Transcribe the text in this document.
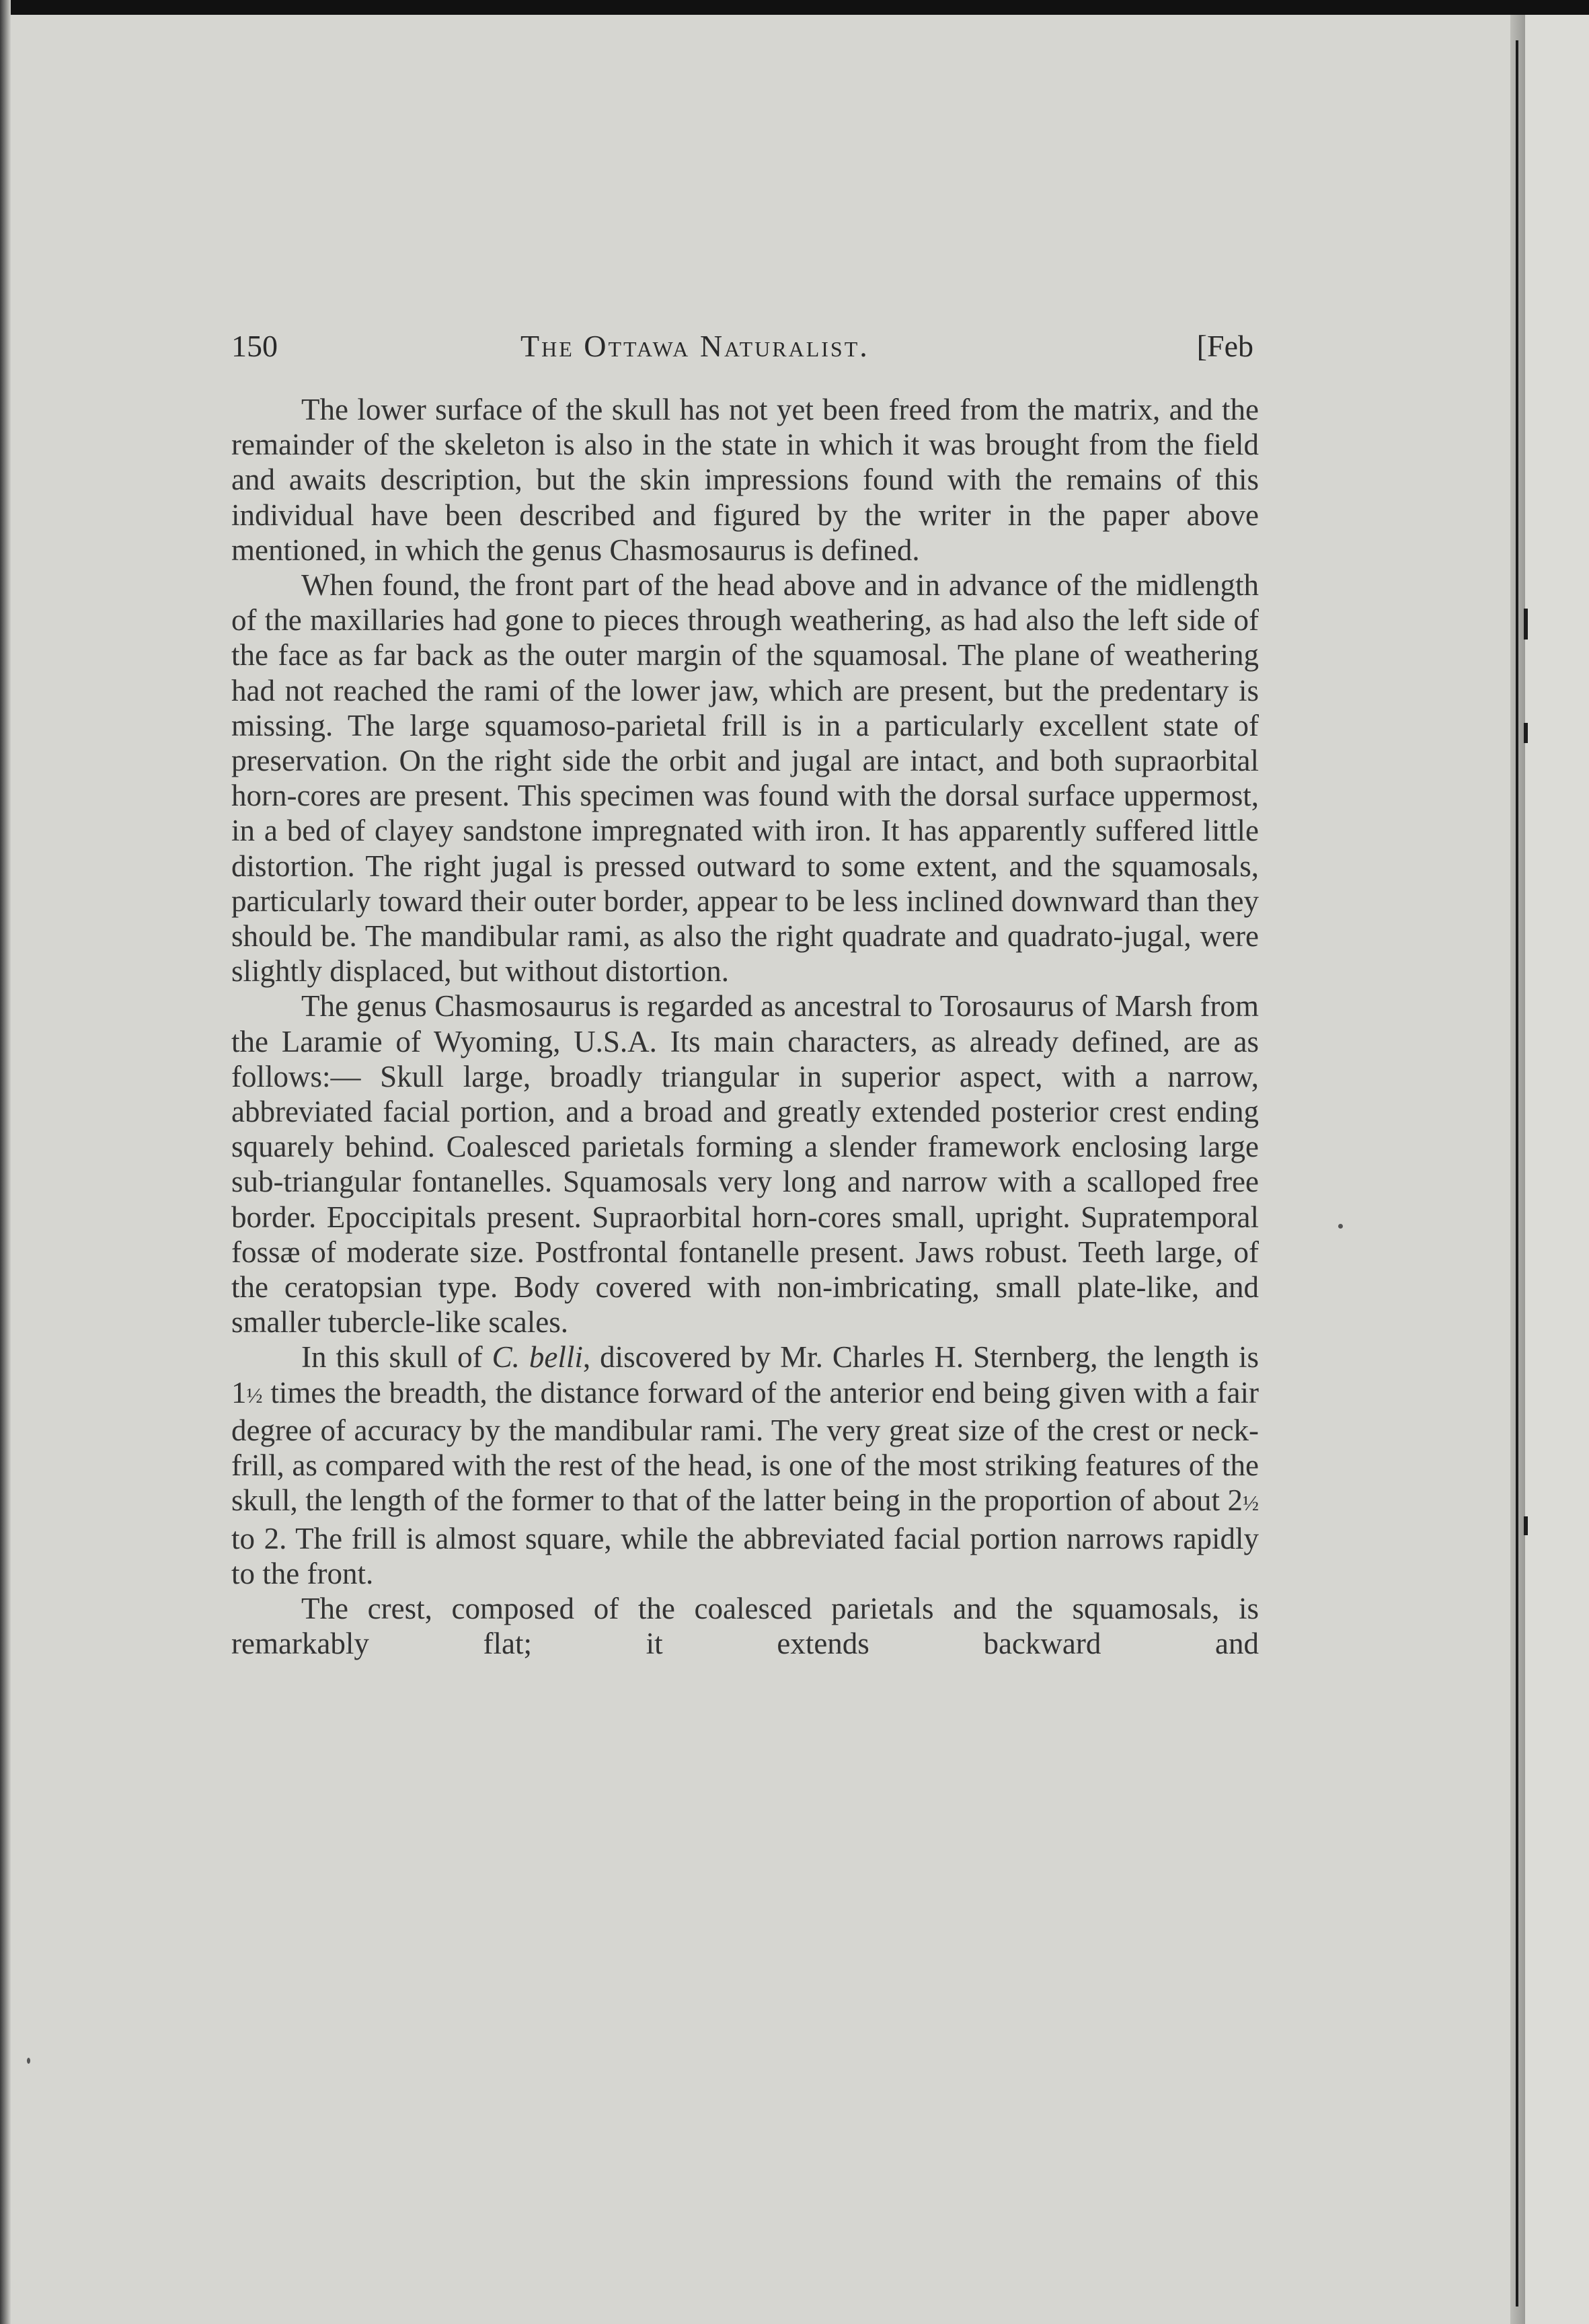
150	The Ottawa Naturalist.	[Feb

The lower surface of the skull has not yet been freed from the matrix, and the remainder of the skeleton is also in the state in which it was brought from the field and awaits description, but the skin impressions found with the remains of this individual have been described and figured by the writer in the paper above mentioned, in which the genus Chasmosaurus is defined.

When found, the front part of the head above and in advance of the midlength of the maxillaries had gone to pieces through weathering, as had also the left side of the face as far back as the outer margin of the squamosal. The plane of weathering had not reached the rami of the lower jaw, which are present, but the predentary is missing. The large squamoso-parietal frill is in a particularly excellent state of preservation. On the right side the orbit and jugal are intact, and both supraorbital horn-cores are present. This specimen was found with the dorsal surface uppermost, in a bed of clayey sandstone impregnated with iron. It has apparently suffered little distortion. The right jugal is pressed outward to some extent, and the squamosals, particularly toward their outer border, appear to be less inclined downward than they should be. The mandibular rami, as also the right quadrate and quadrato-jugal, were slightly displaced, but without distortion.

The genus Chasmosaurus is regarded as ancestral to Torosaurus of Marsh from the Laramie of Wyoming, U.S.A. Its main characters, as already defined, are as follows:— Skull large, broadly triangular in superior aspect, with a narrow, abbreviated facial portion, and a broad and greatly extended posterior crest ending squarely behind. Coalesced parietals forming a slender framework enclosing large sub-triangular fontanelles. Squamosals very long and narrow with a scalloped free border. Epoccipitals present. Supraorbital horn-cores small, upright. Supratemporal fossæ of moderate size. Postfrontal fontanelle present. Jaws robust. Teeth large, of the ceratopsian type. Body covered with non-imbricating, small plate-like, and smaller tubercle-like scales.

In this skull of C. belli, discovered by Mr. Charles H. Sternberg, the length is 1½ times the breadth, the distance forward of the anterior end being given with a fair degree of accuracy by the mandibular rami. The very great size of the crest or neck-frill, as compared with the rest of the head, is one of the most striking features of the skull, the length of the former to that of the latter being in the proportion of about 2½ to 2. The frill is almost square, while the abbreviated facial portion narrows rapidly to the front.

The crest, composed of the coalesced parietals and the squamosals, is remarkably flat; it extends backward and
